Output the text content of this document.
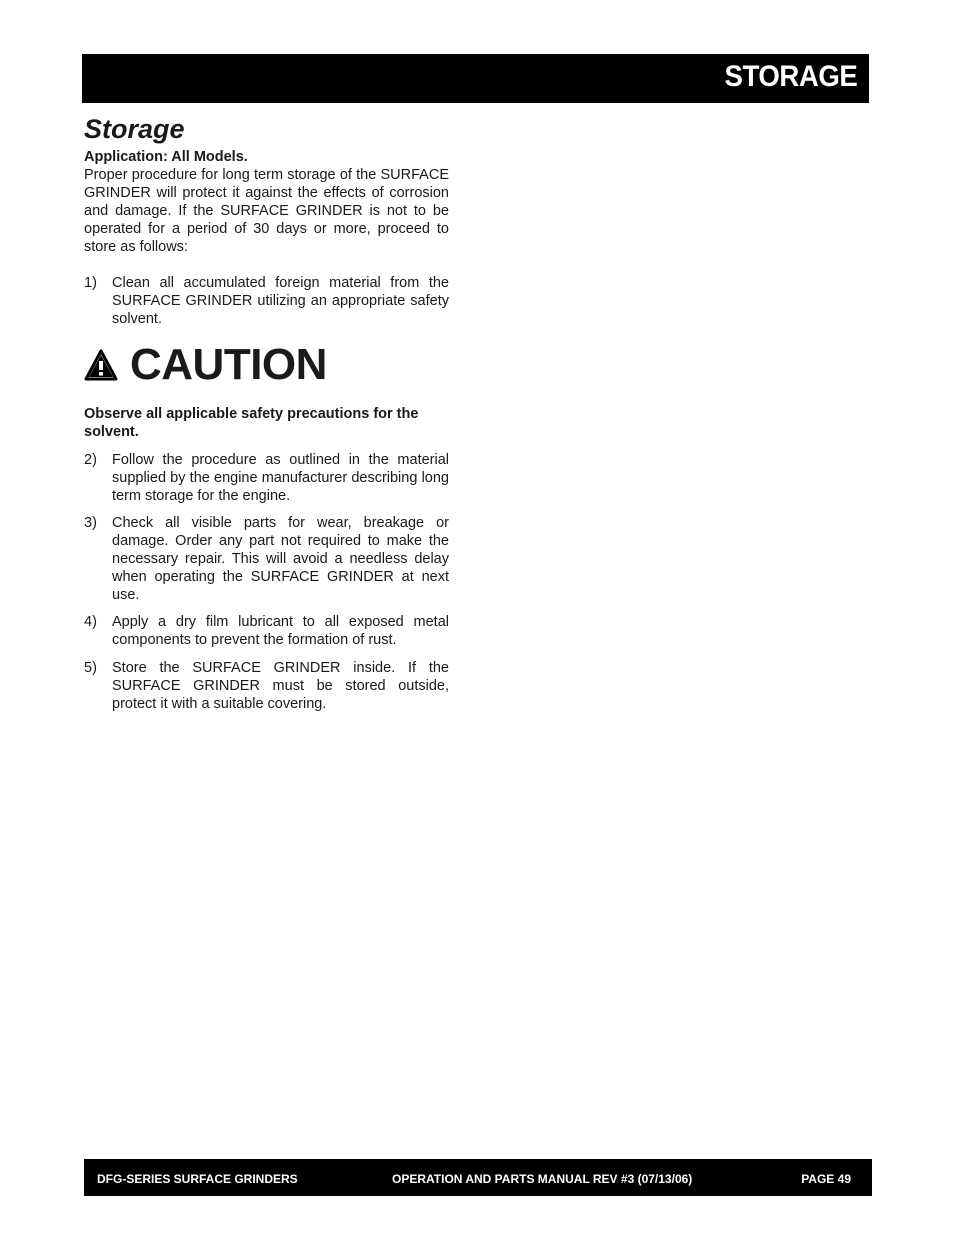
STORAGE
Storage
Application: All Models.

Proper procedure for long term storage of the SURFACE GRINDER will protect it against the effects of corrosion and damage. If the SURFACE GRINDER is not to be operated for a period of 30 days or more, proceed to store as follows:

1) Clean all accumulated foreign material from the SURFACE GRINDER utilizing an appropriate safety solvent.
CAUTION
Observe all applicable safety precautions for the solvent.
2) Follow the procedure as outlined in the material supplied by the engine manufacturer describing long term storage for the engine.
3) Check all visible parts for wear, breakage or damage. Order any part not required to make the necessary repair. This will avoid a needless delay when operating the SURFACE GRINDER at next use.
4) Apply a dry film lubricant to all exposed metal components to prevent the formation of rust.
5) Store the SURFACE GRINDER inside. If the SURFACE GRINDER must be stored outside, protect it with a suitable covering.
DFG-SERIES SURFACE GRINDERS	OPERATION AND PARTS MANUAL REV #3 (07/13/06)	PAGE 49
